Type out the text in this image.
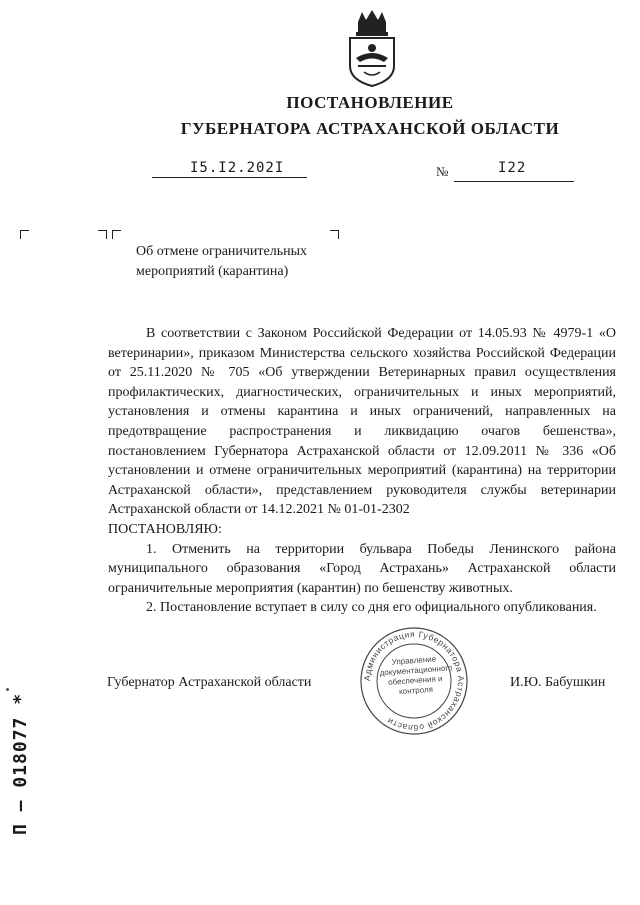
ПОСТАНОВЛЕНИЕ
ГУБЕРНАТОРА АСТРАХАНСКОЙ ОБЛАСТИ
I5.I2.202I	№	I22
Об отмене ограничительных
мероприятий (карантина)

В соответствии с Законом Российской Федерации от 14.05.93 № 4979-1 «О ветеринарии», приказом Министерства сельского хозяйства Российской Федерации от 25.11.2020 № 705 «Об утверждении Ветеринарных правил осуществления профилактических, диагностических, ограничительных и иных мероприятий, установления и отмены карантина и иных ограничений, направленных на предотвращение распространения и ликвидацию очагов бешенства», постановлением Губернатора Астраханской области от 12.09.2011 № 336 «Об установлении и отмене ограничительных мероприятий (карантина) на территории Астраханской области», представлением руководителя службы ветеринарии Астраханской области от 14.12.2021 № 01-01-2302

ПОСТАНОВЛЯЮ:

1. Отменить на территории бульвара Победы Ленинского района муниципального образования «Город Астрахань» Астраханской области ограничительные мероприятия (карантин) по бешенству животных.

2. Постановление вступает в силу со дня его официального опубликования.

Администрация Губернатора Астраханской области
Управление документационного обеспечения и контроля
Губернатор Астраханской области	И.Ю. Бабушкин
П – 018077 *
